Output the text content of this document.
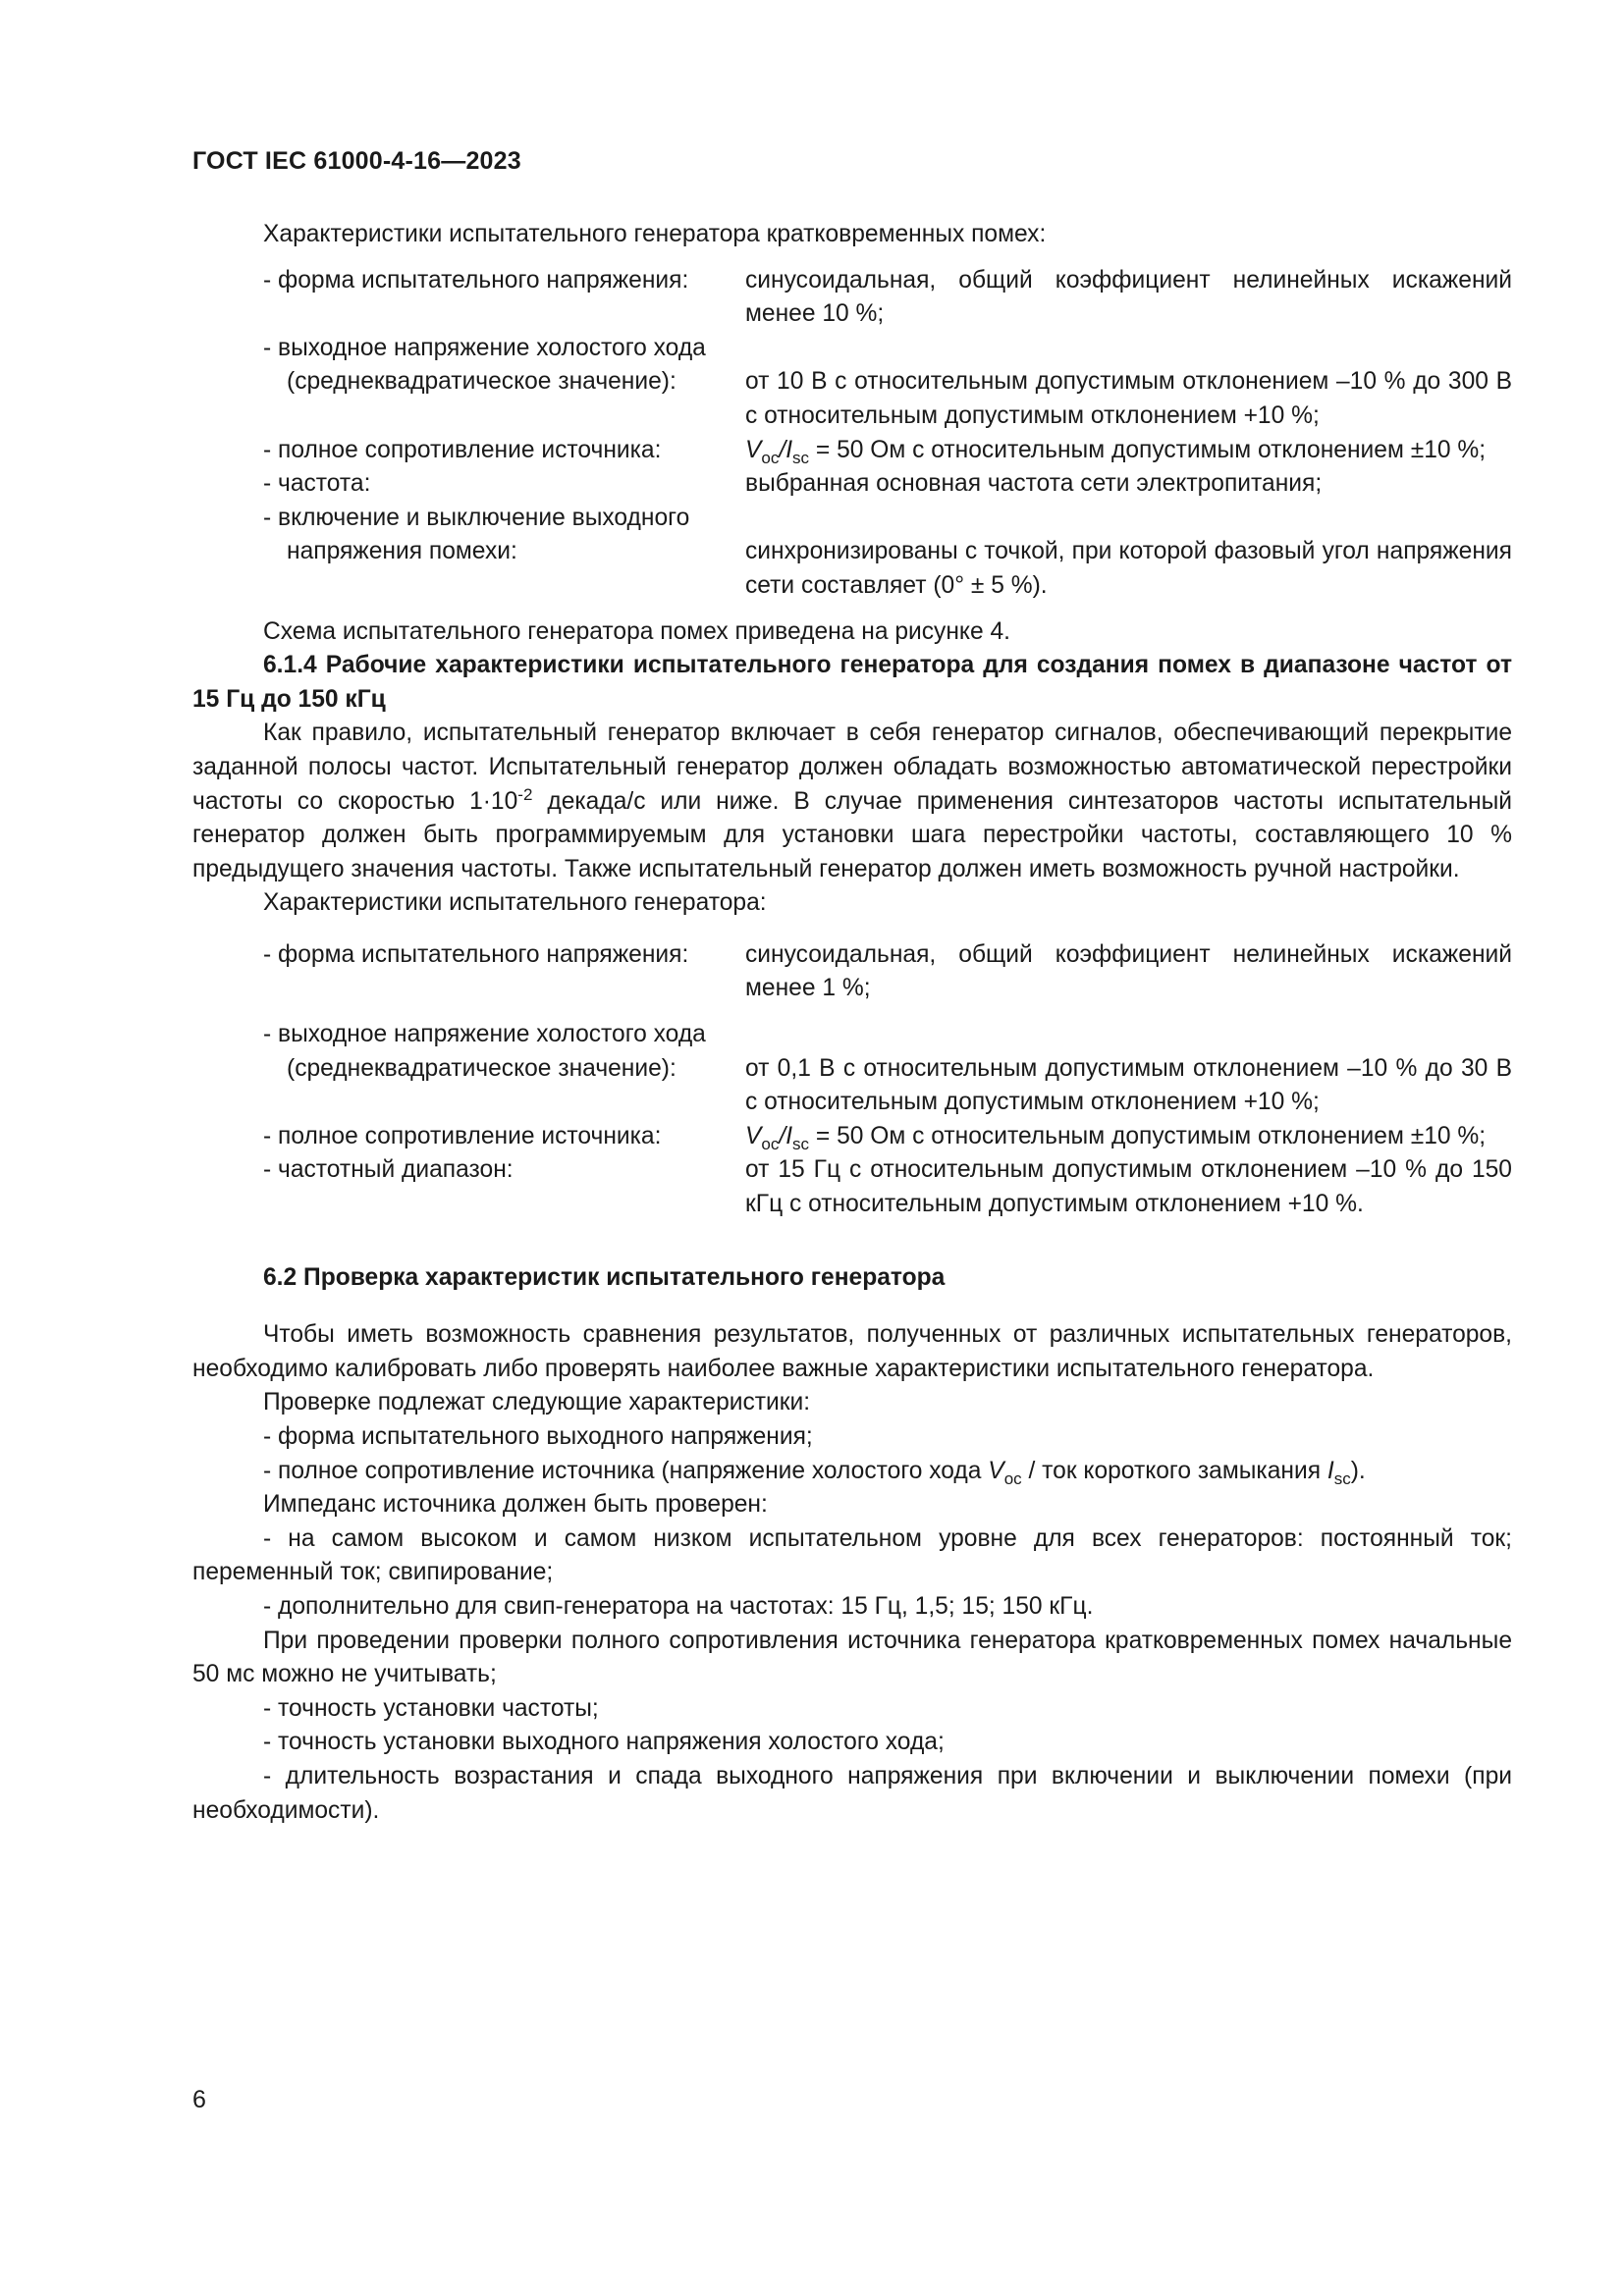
ГОСТ IEC 61000-4-16—2023

Характеристики испытательного генератора кратковременных помех:

- форма испытательного напряжения:	синусоидальная, общий коэффициент нелинейных искажений менее 10 %;
- выходное напряжение холостого хода
(среднеквадратическое значение):	от 10 В с относительным допустимым отклонением –10 % до 300 В с относительным допустимым отклонением +10 %;
- полное сопротивление источника:	$V_{oc}/I_{sc} = 50$ Ом с относительным допустимым отклонением ±10 %;
- частота:	выбранная основная частота сети электропитания;
- включение и выключение выходного
напряжения помехи:	синхронизированы с точкой, при которой фазовый угол напряжения сети составляет (0° ± 5 %).

Схема испытательного генератора помех приведена на рисунке 4.

6.1.4 Рабочие характеристики испытательного генератора для создания помех в диапазоне частот от 15 Гц до 150 кГц

Как правило, испытательный генератор включает в себя генератор сигналов, обеспечивающий перекрытие заданной полосы частот. Испытательный генератор должен обладать возможностью автоматической перестройки частоты со скоростью $1\cdot 10^{-2}$ декада/с или ниже. В случае применения синтезаторов частоты испытательный генератор должен быть программируемым для установки шага перестройки частоты, составляющего 10 % предыдущего значения частоты. Также испытательный генератор должен иметь возможность ручной настройки.

Характеристики испытательного генератора:

- форма испытательного напряжения:	синусоидальная, общий коэффициент нелинейных искажений менее 1 %;
- выходное напряжение холостого хода
(среднеквадратическое значение):	от 0,1 В с относительным допустимым отклонением –10 % до 30 В с относительным допустимым отклонением +10 %;
- полное сопротивление источника:	$V_{oc}/I_{sc} = 50$ Ом с относительным допустимым отклонением ±10 %;
- частотный диапазон:	от 15 Гц с относительным допустимым отклонением –10 % до 150 кГц с относительным допустимым отклонением +10 %.

6.2 Проверка характеристик испытательного генератора

Чтобы иметь возможность сравнения результатов, полученных от различных испытательных генераторов, необходимо калибровать либо проверять наиболее важные характеристики испытательного генератора.

Проверке подлежат следующие характеристики:

- форма испытательного выходного напряжения;

- полное сопротивление источника (напряжение холостого хода $V_{oc}$ / ток короткого замыкания $I_{sc}$).

Импеданс источника должен быть проверен:

- на самом высоком и самом низком испытательном уровне для всех генераторов: постоянный ток; переменный ток; свипирование;

- дополнительно для свип-генератора на частотах: 15 Гц, 1,5; 15; 150 кГц.

При проведении проверки полного сопротивления источника генератора кратковременных помех начальные 50 мс можно не учитывать;

- точность установки частоты;

- точность установки выходного напряжения холостого хода;

- длительность возрастания и спада выходного напряжения при включении и выключении помехи (при необходимости).

6
